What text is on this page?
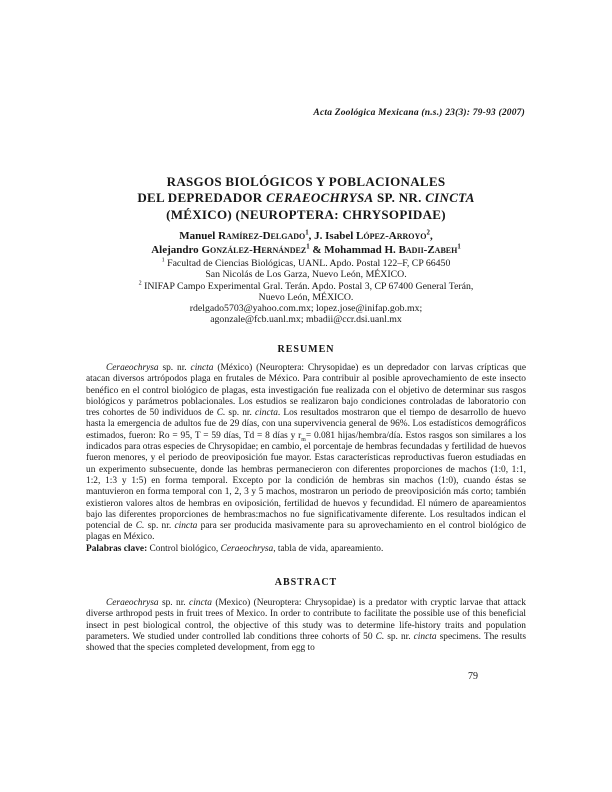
Acta Zoológica Mexicana (n.s.) 23(3): 79-93 (2007)
RASGOS BIOLÓGICOS Y POBLACIONALES
DEL DEPREDADOR CERAEOCHRYSA SP. NR. CINCTA
(MÉXICO) (NEUROPTERA: CHRYSOPIDAE)
Manuel Ramírez-Delgado$^1$, J. Isabel López-Arroyo$^2$,
Alejandro González-Hernández$^1$ & Mohammad H. Badii-Zabeh$^1$
$^1$ Facultad de Ciencias Biológicas, UANL. Apdo. Postal 122–F, CP 66450
San Nicolás de Los Garza, Nuevo León, MÉXICO.
$^2$ INIFAP Campo Experimental Gral. Terán. Apdo. Postal 3, CP 67400 General Terán,
Nuevo León, MÉXICO.
rdelgado5703@yahoo.com.mx; lopez.jose@inifap.gob.mx;
agonzale@fcb.uanl.mx; mbadii@ccr.dsi.uanl.mx
RESUMEN
Ceraeochrysa sp. nr. cincta (México) (Neuroptera: Chrysopidae) es un depredador con larvas crípticas que atacan diversos artrópodos plaga en frutales de México. Para contribuir al posible aprovechamiento de este insecto benéfico en el control biológico de plagas, esta investigación fue realizada con el objetivo de determinar sus rasgos biológicos y parámetros poblacionales. Los estudios se realizaron bajo condiciones controladas de laboratorio con tres cohortes de 50 individuos de C. sp. nr. cincta. Los resultados mostraron que el tiempo de desarrollo de huevo hasta la emergencia de adultos fue de 29 días, con una supervivencia general de 96%. Los estadísticos demográficos estimados, fueron: Ro = 95, T = 59 días, Td = 8 días y $r_m= 0.081$ hijas/hembra/día. Estos rasgos son similares a los indicados para otras especies de Chrysopidae; en cambio, el porcentaje de hembras fecundadas y fertilidad de huevos fueron menores, y el periodo de preoviposición fue mayor. Estas características reproductivas fueron estudiadas en un experimento subsecuente, donde las hembras permanecieron con diferentes proporciones de machos (1:0, 1:1, 1:2, 1:3 y 1:5) en forma temporal. Excepto por la condición de hembras sin machos (1:0), cuando éstas se mantuvieron en forma temporal con 1, 2, 3 y 5 machos, mostraron un periodo de preoviposición más corto; también existieron valores altos de hembras en oviposición, fertilidad de huevos y fecundidad. El número de apareamientos bajo las diferentes proporciones de hembras:machos no fue significativamente diferente. Los resultados indican el potencial de C. sp. nr. cincta para ser producida masivamente para su aprovechamiento en el control biológico de plagas en México.
Palabras clave: Control biológico, Ceraeochrysa, tabla de vida, apareamiento.
ABSTRACT
Ceraeochrysa sp. nr. cincta (Mexico) (Neuroptera: Chrysopidae) is a predator with cryptic larvae that attack diverse arthropod pests in fruit trees of Mexico. In order to contribute to facilitate the possible use of this beneficial insect in pest biological control, the objective of this study was to determine life-history traits and population parameters. We studied under controlled lab conditions three cohorts of 50 C. sp. nr. cincta specimens. The results showed that the species completed development, from egg to
79
